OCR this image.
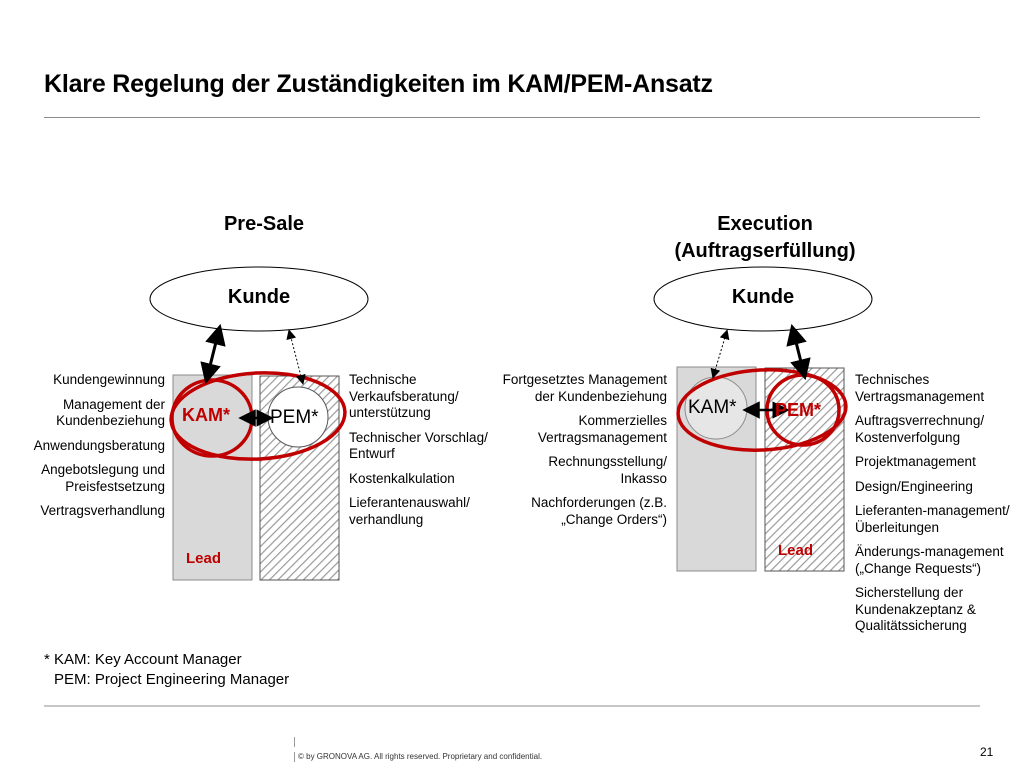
Klare Regelung der Zuständigkeiten im KAM/PEM-Ansatz
Pre-Sale	Execution
(Auftragserfüllung)
Kunde
KAM* PEM*
Lead
Kunde
KAM* PEM*
Lead
Kundengewinnung
Management der Kundenbeziehung
Anwendungsberatung
Angebotslegung und Preisfestsetzung
Vertragsverhandlung
Technische Verkaufsberatung/ unterstützung
Technischer Vorschlag/ Entwurf
Kostenkalkulation
Lieferantenauswahl/ verhandlung
Fortgesetztes Management der Kundenbeziehung
Kommerzielles Vertragsmanagement
Rechnungsstellung/ Inkasso
Nachforderungen (z.B. „Change Orders“)
Technisches Vertragsmanagement
Auftragsverrechnung/ Kostenverfolgung
Projektmanagement
Design/Engineering
Lieferanten-management/ Überleitungen
Änderungs-management („Change Requests“)
Sicherstellung der Kundenakzeptanz & Qualitätssicherung
* KAM: Key Account Manager
PEM: Project Engineering Manager
© by GRONOVA AG. All rights reserved. Proprietary and confidential.	21
